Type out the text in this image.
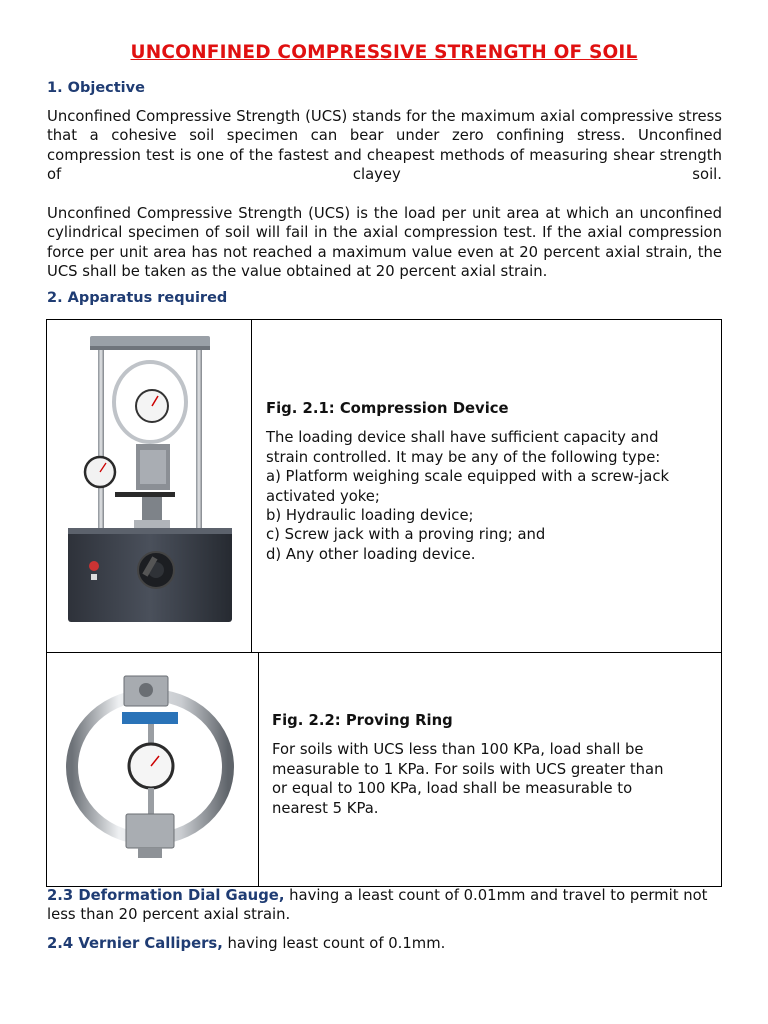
UNCONFINED COMPRESSIVE STRENGTH OF SOIL
1. Objective
Unconfined Compressive Strength (UCS) stands for the maximum axial compressive stress that a cohesive soil specimen can bear under zero confining stress. Unconfined compression test is one of the fastest and cheapest methods of measuring shear strength of clayey soil.
Unconfined Compressive Strength (UCS) is the load per unit area at which an unconfined cylindrical specimen of soil will fail in the axial compression test. If the axial compression force per unit area has not reached a maximum value even at 20 percent axial strain, the UCS shall be taken as the value obtained at 20 percent axial strain.
2. Apparatus required
Fig. 2.1: Compression Device
The loading device shall have sufficient capacity and
strain controlled. It may be any of the following type:
a) Platform weighing scale equipped with a screw-jack
activated yoke;
b) Hydraulic loading device;
c) Screw jack with a proving ring; and
d) Any other loading device.
Fig. 2.2: Proving Ring
For soils with UCS less than 100 KPa, load shall be
measurable to 1 KPa. For soils with UCS greater than
or equal to 100 KPa, load shall be measurable to
nearest 5 KPa.
2.3 Deformation Dial Gauge, having a least count of 0.01mm and travel to permit not less than 20 percent axial strain.
2.4 Vernier Callipers, having least count of 0.1mm.
